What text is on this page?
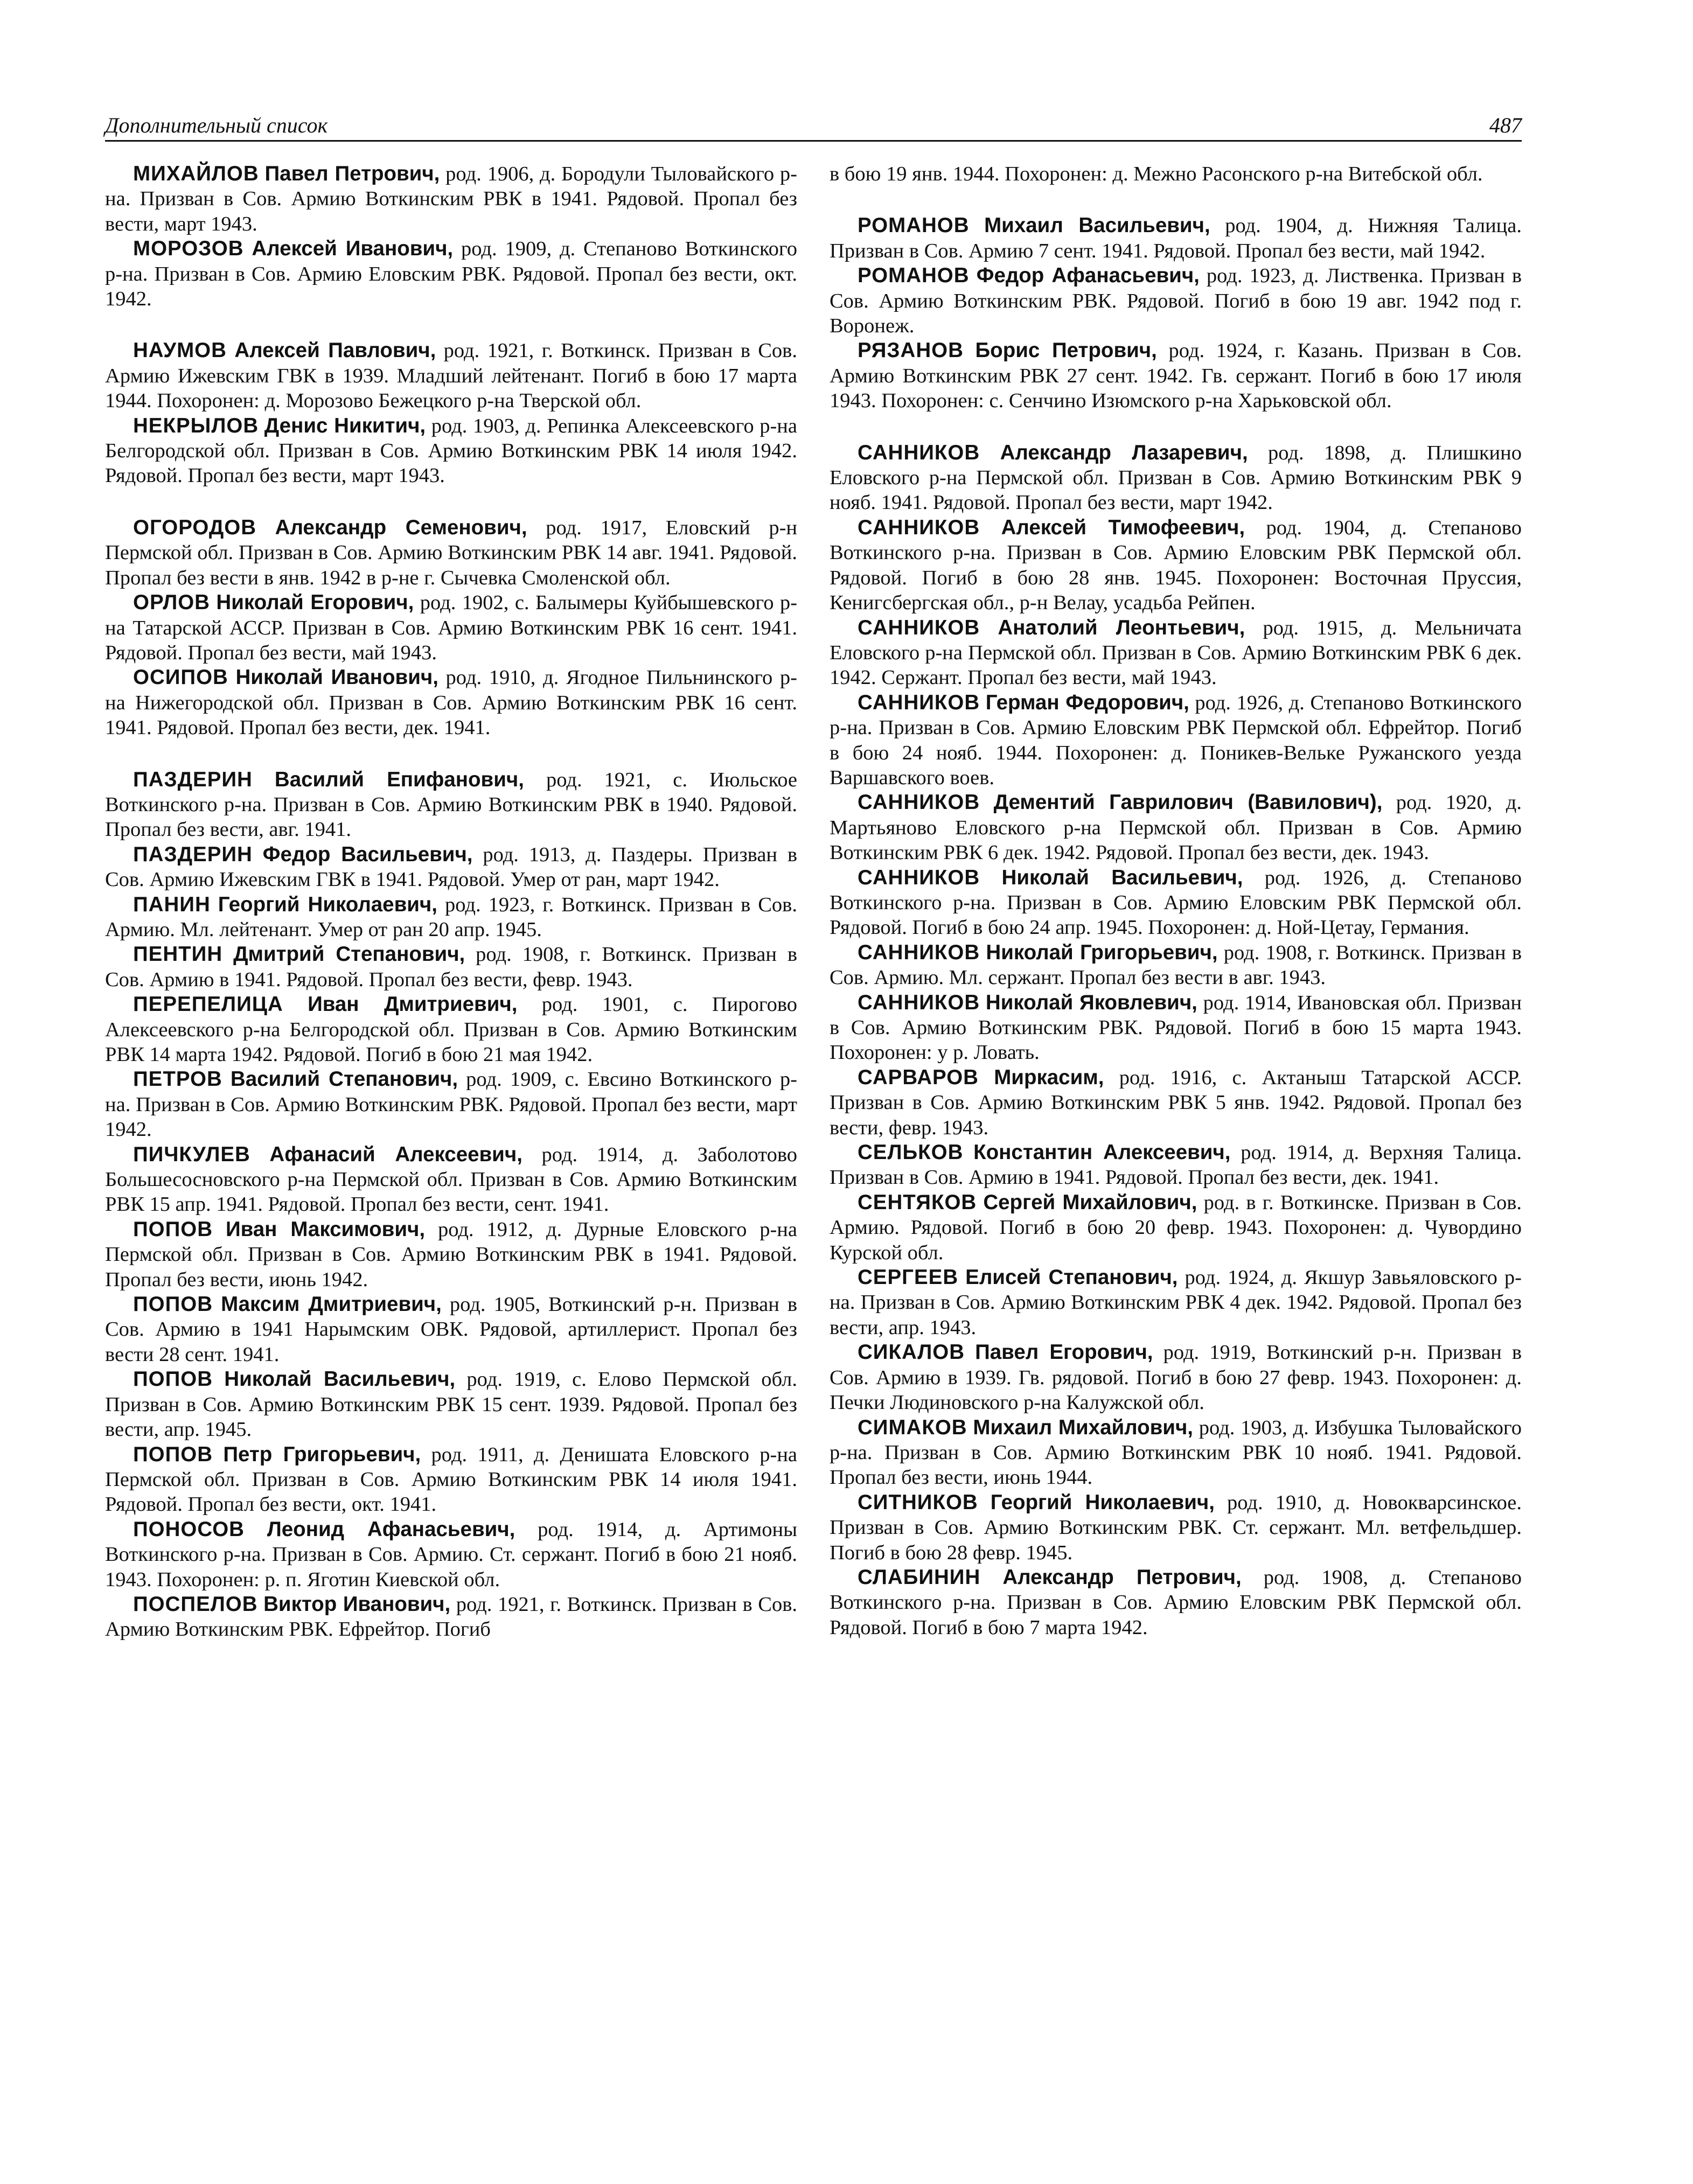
Дополнительный список	487

МИХАЙЛОВ Павел Петрович, род. 1906, д. Бородули Тыловайского р-на. Призван в Сов. Армию Воткинским РВК в 1941. Рядовой. Пропал без вести, март 1943.

МОРОЗОВ Алексей Иванович, род. 1909, д. Степаново Воткинского р-на. Призван в Сов. Армию Еловским РВК. Рядовой. Пропал без вести, окт. 1942.

НАУМОВ Алексей Павлович, род. 1921, г. Воткинск. Призван в Сов. Армию Ижевским ГВК в 1939. Младший лейтенант. Погиб в бою 17 марта 1944. Похоронен: д. Морозово Бежецкого р-на Тверской обл.

НЕКРЫЛОВ Денис Никитич, род. 1903, д. Репинка Алексеевского р-на Белгородской обл. Призван в Сов. Армию Воткинским РВК 14 июля 1942. Рядовой. Пропал без вести, март 1943.

ОГОРОДОВ Александр Семенович, род. 1917, Еловский р-н Пермской обл. Призван в Сов. Армию Воткинским РВК 14 авг. 1941. Рядовой. Пропал без вести в янв. 1942 в р-не г. Сычевка Смоленской обл.

ОРЛОВ Николай Егорович, род. 1902, с. Балымеры Куйбышевского р-на Татарской АССР. Призван в Сов. Армию Воткинским РВК 16 сент. 1941. Рядовой. Пропал без вести, май 1943.

ОСИПОВ Николай Иванович, род. 1910, д. Ягодное Пильнинского р-на Нижегородской обл. Призван в Сов. Армию Воткинским РВК 16 сент. 1941. Рядовой. Пропал без вести, дек. 1941.

ПАЗДЕРИН Василий Епифанович, род. 1921, с. Июльское Воткинского р-на. Призван в Сов. Армию Воткинским РВК в 1940. Рядовой. Пропал без вести, авг. 1941.

ПАЗДЕРИН Федор Васильевич, род. 1913, д. Паздеры. Призван в Сов. Армию Ижевским ГВК в 1941. Рядовой. Умер от ран, март 1942.

ПАНИН Георгий Николаевич, род. 1923, г. Воткинск. Призван в Сов. Армию. Мл. лейтенант. Умер от ран 20 апр. 1945.

ПЕНТИН Дмитрий Степанович, род. 1908, г. Воткинск. Призван в Сов. Армию в 1941. Рядовой. Пропал без вести, февр. 1943.

ПЕРЕПЕЛИЦА Иван Дмитриевич, род. 1901, с. Пирогово Алексеевского р-на Белгородской обл. Призван в Сов. Армию Воткинским РВК 14 марта 1942. Рядовой. Погиб в бою 21 мая 1942.

ПЕТРОВ Василий Степанович, род. 1909, с. Евсино Воткинского р-на. Призван в Сов. Армию Воткинским РВК. Рядовой. Пропал без вести, март 1942.

ПИЧКУЛЕВ Афанасий Алексеевич, род. 1914, д. Заболотово Большесосновского р-на Пермской обл. Призван в Сов. Армию Воткинским РВК 15 апр. 1941. Рядовой. Пропал без вести, сент. 1941.

ПОПОВ Иван Максимович, род. 1912, д. Дурные Еловского р-на Пермской обл. Призван в Сов. Армию Воткинским РВК в 1941. Рядовой. Пропал без вести, июнь 1942.

ПОПОВ Максим Дмитриевич, род. 1905, Воткинский р-н. Призван в Сов. Армию в 1941 Нарымским ОВК. Рядовой, артиллерист. Пропал без вести 28 сент. 1941.

ПОПОВ Николай Васильевич, род. 1919, с. Елово Пермской обл. Призван в Сов. Армию Воткинским РВК 15 сент. 1939. Рядовой. Пропал без вести, апр. 1945.

ПОПОВ Петр Григорьевич, род. 1911, д. Денишата Еловского р-на Пермской обл. Призван в Сов. Армию Воткинским РВК 14 июля 1941. Рядовой. Пропал без вести, окт. 1941.

ПОНОСОВ Леонид Афанасьевич, род. 1914, д. Артимоны Воткинского р-на. Призван в Сов. Армию. Ст. сержант. Погиб в бою 21 нояб. 1943. Похоронен: р. п. Яготин Киевской обл.

ПОСПЕЛОВ Виктор Иванович, род. 1921, г. Воткинск. Призван в Сов. Армию Воткинским РВК. Ефрейтор. Погиб

в бою 19 янв. 1944. Похоронен: д. Межно Расонского р-на Витебской обл.

РОМАНОВ Михаил Васильевич, род. 1904, д. Нижняя Талица. Призван в Сов. Армию 7 сент. 1941. Рядовой. Пропал без вести, май 1942.

РОМАНОВ Федор Афанасьевич, род. 1923, д. Лиственка. Призван в Сов. Армию Воткинским РВК. Рядовой. Погиб в бою 19 авг. 1942 под г. Воронеж.

РЯЗАНОВ Борис Петрович, род. 1924, г. Казань. Призван в Сов. Армию Воткинским РВК 27 сент. 1942. Гв. сержант. Погиб в бою 17 июля 1943. Похоронен: с. Сенчино Изюмского р-на Харьковской обл.

САННИКОВ Александр Лазаревич, род. 1898, д. Плишкино Еловского р-на Пермской обл. Призван в Сов. Армию Воткинским РВК 9 нояб. 1941. Рядовой. Пропал без вести, март 1942.

САННИКОВ Алексей Тимофеевич, род. 1904, д. Степаново Воткинского р-на. Призван в Сов. Армию Еловским РВК Пермской обл. Рядовой. Погиб в бою 28 янв. 1945. Похоронен: Восточная Пруссия, Кенигсбергская обл., р-н Велау, усадьба Рейпен.

САННИКОВ Анатолий Леонтьевич, род. 1915, д. Мельничата Еловского р-на Пермской обл. Призван в Сов. Армию Воткинским РВК 6 дек. 1942. Сержант. Пропал без вести, май 1943.

САННИКОВ Герман Федорович, род. 1926, д. Степаново Воткинского р-на. Призван в Сов. Армию Еловским РВК Пермской обл. Ефрейтор. Погиб в бою 24 нояб. 1944. Похоронен: д. Поникев-Вельке Ружанского уезда Варшавского воев.

САННИКОВ Дементий Гаврилович (Вавилович), род. 1920, д. Мартьяново Еловского р-на Пермской обл. Призван в Сов. Армию Воткинским РВК 6 дек. 1942. Рядовой. Пропал без вести, дек. 1943.

САННИКОВ Николай Васильевич, род. 1926, д. Степаново Воткинского р-на. Призван в Сов. Армию Еловским РВК Пермской обл. Рядовой. Погиб в бою 24 апр. 1945. Похоронен: д. Ной-Цетау, Германия.

САННИКОВ Николай Григорьевич, род. 1908, г. Воткинск. Призван в Сов. Армию. Мл. сержант. Пропал без вести в авг. 1943.

САННИКОВ Николай Яковлевич, род. 1914, Ивановская обл. Призван в Сов. Армию Воткинским РВК. Рядовой. Погиб в бою 15 марта 1943. Похоронен: у р. Ловать.

САРВАРОВ Миркасим, род. 1916, с. Актаныш Татарской АССР. Призван в Сов. Армию Воткинским РВК 5 янв. 1942. Рядовой. Пропал без вести, февр. 1943.

СЕЛЬКОВ Константин Алексеевич, род. 1914, д. Верхняя Талица. Призван в Сов. Армию в 1941. Рядовой. Пропал без вести, дек. 1941.

СЕНТЯКОВ Сергей Михайлович, род. в г. Воткинске. Призван в Сов. Армию. Рядовой. Погиб в бою 20 февр. 1943. Похоронен: д. Чувордино Курской обл.

СЕРГЕЕВ Елисей Степанович, род. 1924, д. Якшур Завьяловского р-на. Призван в Сов. Армию Воткинским РВК 4 дек. 1942. Рядовой. Пропал без вести, апр. 1943.

СИКАЛОВ Павел Егорович, род. 1919, Воткинский р-н. Призван в Сов. Армию в 1939. Гв. рядовой. Погиб в бою 27 февр. 1943. Похоронен: д. Печки Людиновского р-на Калужской обл.

СИМАКОВ Михаил Михайлович, род. 1903, д. Избушка Тыловайского р-на. Призван в Сов. Армию Воткинским РВК 10 нояб. 1941. Рядовой. Пропал без вести, июнь 1944.

СИТНИКОВ Георгий Николаевич, род. 1910, д. Новокварсинское. Призван в Сов. Армию Воткинским РВК. Ст. сержант. Мл. ветфельдшер. Погиб в бою 28 февр. 1945.

СЛАБИНИН Александр Петрович, род. 1908, д. Степаново Воткинского р-на. Призван в Сов. Армию Еловским РВК Пермской обл. Рядовой. Погиб в бою 7 марта 1942.
